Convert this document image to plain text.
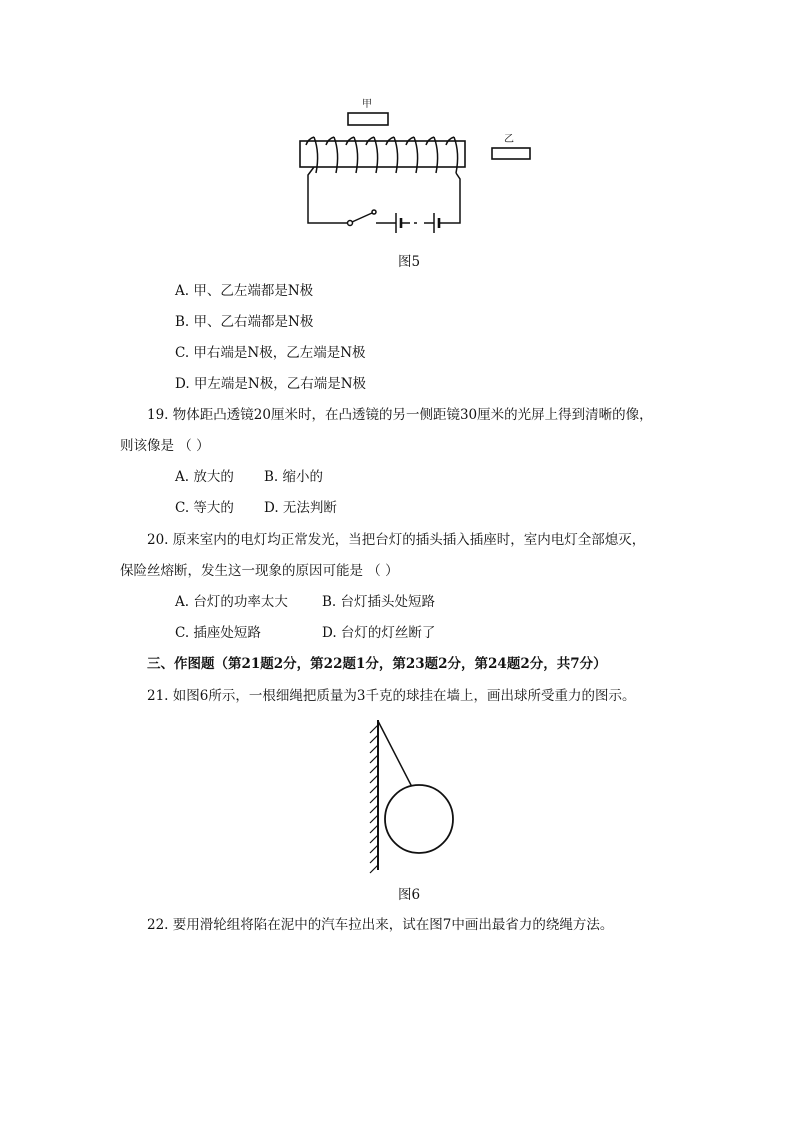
甲
乙
图5
A. 甲、乙左端都是N极
B. 甲、乙右端都是N极
C. 甲右端是N极，乙左端是N极
D. 甲左端是N极，乙右端是N极
19. 物体距凸透镜20厘米时，在凸透镜的另一侧距镜30厘米的光屏上得到清晰的像，
则该像是 （ ）
A. 放大的 B. 缩小的
C. 等大的 D. 无法判断
20. 原来室内的电灯均正常发光，当把台灯的插头插入插座时，室内电灯全部熄灭，
保险丝熔断，发生这一现象的原因可能是 （ ）
A. 台灯的功率太大	B. 台灯插头处短路
C. 插座处短路	D. 台灯的灯丝断了
三、作图题（第21题2分，第22题1分，第23题2分，第24题2分，共7分）
21. 如图6所示，一根细绳把质量为3千克的球挂在墙上，画出球所受重力的图示。
图6
22. 要用滑轮组将陷在泥中的汽车拉出来，试在图7中画出最省力的绕绳方法。
